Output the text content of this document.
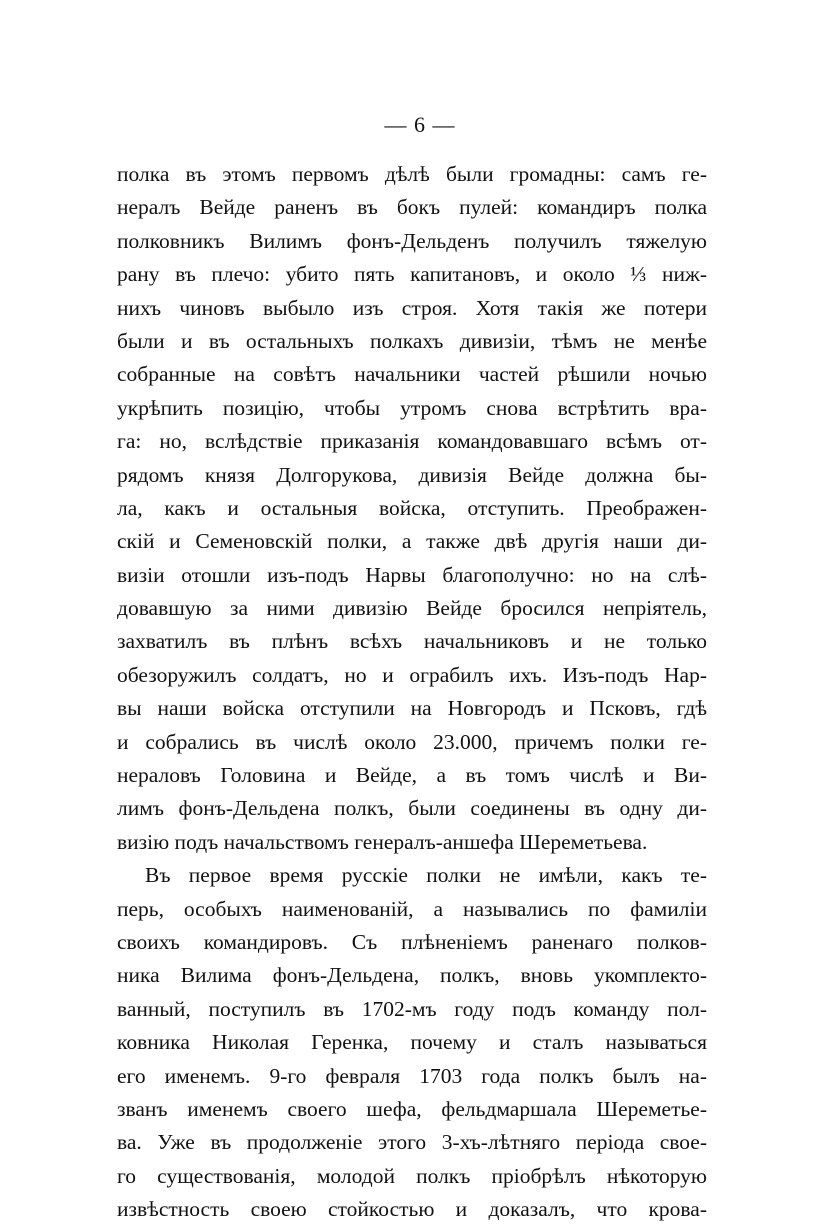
— 6 —
полка въ этомъ первомъ дѣлѣ были громадны: самъ ге-
нералъ Вейде раненъ въ бокъ пулей: командиръ полка
полковникъ Вилимъ фонъ-Дельденъ получилъ тяжелую
рану въ плечо: убито пять капитановъ, и около ⅓ ниж-
нихъ чиновъ выбыло изъ строя. Хотя такія же потери
были и въ остальныхъ полкахъ дивизіи, тѣмъ не менѣе
собранные на совѣтъ начальники частей рѣшили ночью
укрѣпить позицію, чтобы утромъ снова встрѣтить вра-
га: но, вслѣдствіе приказанія командовавшаго всѣмъ от-
рядомъ князя Долгорукова, дивизія Вейде должна бы-
ла, какъ и остальныя войска, отступить. Преображен-
скій и Семеновскій полки, а также двѣ другія наши ди-
визіи отошли изъ-подъ Нарвы благополучно: но на слѣ-
довавшую за ними дивизію Вейде бросился непріятель,
захватилъ въ плѣнъ всѣхъ начальниковъ и не только
обезоружилъ солдатъ, но и ограбилъ ихъ. Изъ-подъ Нар-
вы наши войска отступили на Новгородъ и Псковъ, гдѣ
и собрались въ числѣ около 23.000, причемъ полки ге-
нераловъ Головина и Вейде, а въ томъ числѣ и Ви-
лимъ фонъ-Дельдена полкъ, были соединены въ одну ди-
визію подъ начальствомъ генералъ-аншефа Шереметьева.
Въ первое время русскіе полки не имѣли, какъ те-
перь, особыхъ наименованій, а назывались по фамиліи
своихъ командировъ. Съ плѣненіемъ раненаго полков-
ника Вилима фонъ-Дельдена, полкъ, вновь укомплекто-
ванный, поступилъ въ 1702-мъ году подъ команду пол-
ковника Николая Геренка, почему и сталъ называться
его именемъ. 9-го февраля 1703 года полкъ былъ на-
званъ именемъ своего шефа, фельдмаршала Шереметье-
ва. Уже въ продолженіе этого 3-хъ-лѣтняго періода свое-
го существованія, молодой полкъ пріобрѣлъ нѣкоторую
извѣстность своею стойкостью и доказалъ, что крова-
